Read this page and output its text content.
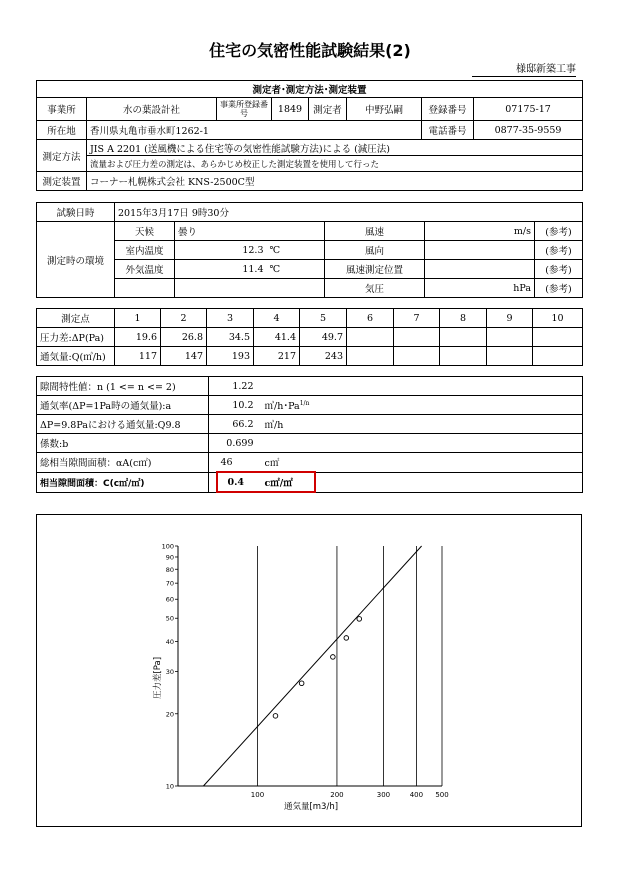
住宅の気密性能試験結果(2)
様邸新築工事
測定者･測定方法･測定装置							
事業所	水の葉設計社	事業所登録番号	1849	測定者	中野弘嗣	登録番号	07175-17
所在地	香川県丸亀市垂水町1262-1					電話番号	0877-35-9559
測定方法	JIS A 2201 (送風機による住宅等の気密性能試験方法)による (減圧法)						
	流量および圧力差の測定は、あらかじめ校正した測定装置を使用して行った						
測定装置	コーナー札幌株式会社 KNS-2500C型						
試験日時	2015年3月17日 9時30分					
測定時の環境	天候	曇り		風速	m/s	(参考)
	室内温度	12.3	℃	風向		(参考)
	外気温度	11.4	℃	風速測定位置		(参考)
				気圧	hPa	(参考)
測定点	1	2	3	4	5	6	7	8	9	10
圧力差:ΔP(Pa)	19.6	26.8	34.5	41.4	49.7					
通気量:Q(㎥/h)	117	147	193	217	243					
隙間特性値：n (1 <= n <= 2)		1.22		
通気率(ΔP=1Pa時の通気量):a		10.2	㎥/h･$Pa^{1/n}$	
ΔP=9.8Paにおける通気量:Q9.8		66.2	㎥/h	
係数:b		0.699		
総相当隙間面積：αA(c㎡)		46	c㎡	
相当隙間面積：C(c㎡/㎡)		0.4	c㎡/㎡	
100	200	300	400 500
10
20
30
40
50
60
70
80
90
100
通気量[m3/h]
圧力差[Pa]
